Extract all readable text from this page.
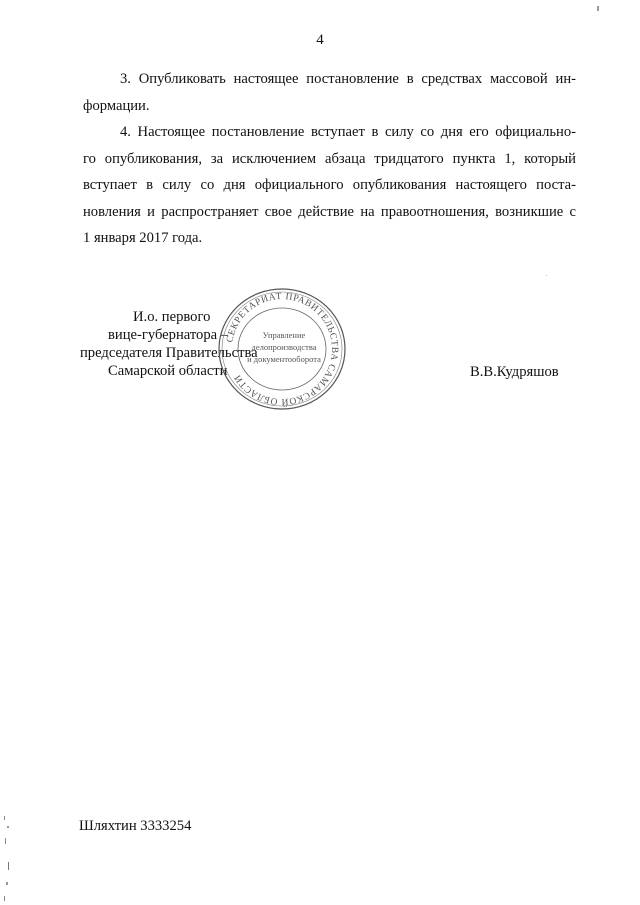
4

3. Опубликовать настоящее постановление в средствах массовой ин-
формации.

4. Настоящее постановление вступает в силу со дня его официально-
го опубликования, за исключением абзаца тридцатого пункта 1, который
вступает в силу со дня официального опубликования настоящего поста-
новления и распространяет свое действие на правоотношения, возникшие с
1 января 2017 года.

И.о. первого
вице-губернатора –
председателя Правительства
Самарской области
СЕКРЕТАРИАТ ПРАВИТЕЛЬСТВА САМАРСКОЙ ОБЛАСТИ
Управление
делопроизводства
и документооборота
В.В.Кудряшов
Шляхтин 3333254
